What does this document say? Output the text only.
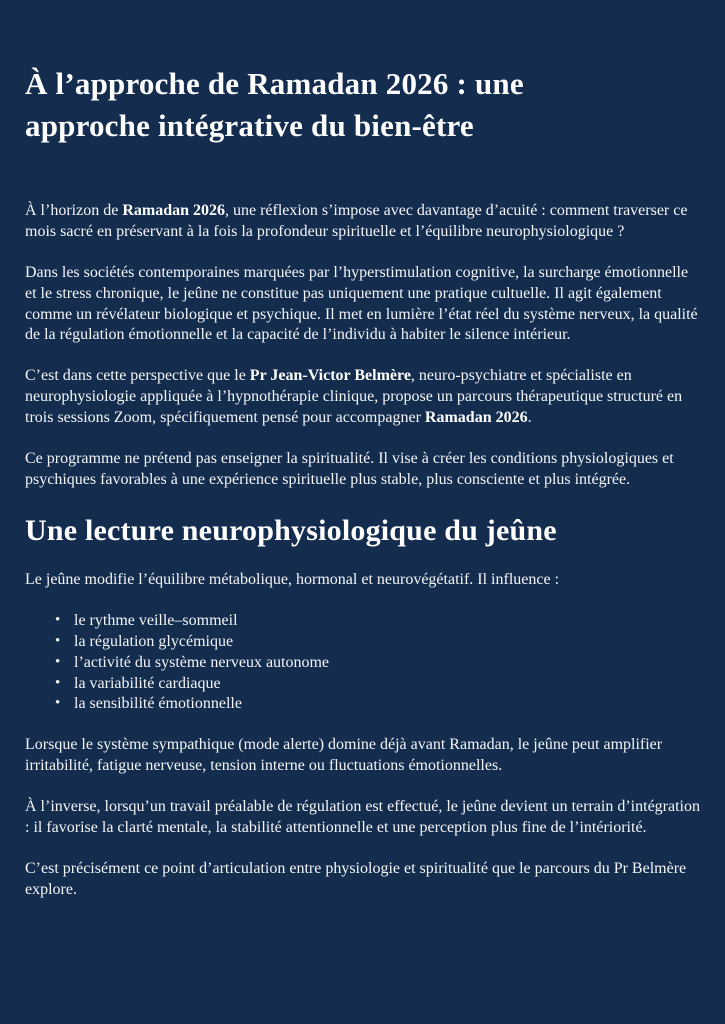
À l’approche de Ramadan 2026 : une approche intégrative du bien-être

À l’horizon de Ramadan 2026, une réflexion s’impose avec davantage d’acuité : comment traverser ce mois sacré en préservant à la fois la profondeur spirituelle et l’équilibre neurophysiologique ?

Dans les sociétés contemporaines marquées par l’hyperstimulation cognitive, la surcharge émotionnelle et le stress chronique, le jeûne ne constitue pas uniquement une pratique cultuelle. Il agit également comme un révélateur biologique et psychique. Il met en lumière l’état réel du système nerveux, la qualité de la régulation émotionnelle et la capacité de l’individu à habiter le silence intérieur.

C’est dans cette perspective que le Pr Jean-Victor Belmère, neuro-psychiatre et spécialiste en neurophysiologie appliquée à l’hypnothérapie clinique, propose un parcours thérapeutique structuré en trois sessions Zoom, spécifiquement pensé pour accompagner Ramadan 2026.

Ce programme ne prétend pas enseigner la spiritualité. Il vise à créer les conditions physiologiques et psychiques favorables à une expérience spirituelle plus stable, plus consciente et plus intégrée.

Une lecture neurophysiologique du jeûne

Le jeûne modifie l’équilibre métabolique, hormonal et neurovégétatif. Il influence :

• le rythme veille–sommeil
• la régulation glycémique
• l’activité du système nerveux autonome
• la variabilité cardiaque
• la sensibilité émotionnelle

Lorsque le système sympathique (mode alerte) domine déjà avant Ramadan, le jeûne peut amplifier irritabilité, fatigue nerveuse, tension interne ou fluctuations émotionnelles.

À l’inverse, lorsqu’un travail préalable de régulation est effectué, le jeûne devient un terrain d’intégration : il favorise la clarté mentale, la stabilité attentionnelle et une perception plus fine de l’intériorité.

C’est précisément ce point d’articulation entre physiologie et spiritualité que le parcours du Pr Belmère explore.
